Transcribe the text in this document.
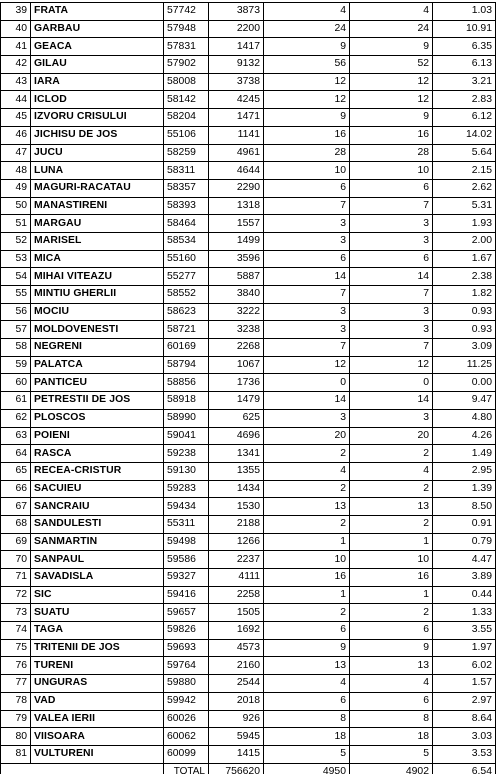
39	FRATA	57742	3873	4	4	1.03
40	GARBAU	57948	2200	24	24	10.91
41	GEACA	57831	1417	9	9	6.35
42	GILAU	57902	9132	56	52	6.13
43	IARA	58008	3738	12	12	3.21
44	ICLOD	58142	4245	12	12	2.83
45	IZVORU CRISULUI	58204	1471	9	9	6.12
46	JICHISU DE JOS	55106	1141	16	16	14.02
47	JUCU	58259	4961	28	28	5.64
48	LUNA	58311	4644	10	10	2.15
49	MAGURI-RACATAU	58357	2290	6	6	2.62
50	MANASTIRENI	58393	1318	7	7	5.31
51	MARGAU	58464	1557	3	3	1.93
52	MARISEL	58534	1499	3	3	2.00
53	MICA	55160	3596	6	6	1.67
54	MIHAI VITEAZU	55277	5887	14	14	2.38
55	MINTIU GHERLII	58552	3840	7	7	1.82
56	MOCIU	58623	3222	3	3	0.93
57	MOLDOVENESTI	58721	3238	3	3	0.93
58	NEGRENI	60169	2268	7	7	3.09
59	PALATCA	58794	1067	12	12	11.25
60	PANTICEU	58856	1736	0	0	0.00
61	PETRESTII DE JOS	58918	1479	14	14	9.47
62	PLOSCOS	58990	625	3	3	4.80
63	POIENI	59041	4696	20	20	4.26
64	RASCA	59238	1341	2	2	1.49
65	RECEA-CRISTUR	59130	1355	4	4	2.95
66	SACUIEU	59283	1434	2	2	1.39
67	SANCRAIU	59434	1530	13	13	8.50
68	SANDULESTI	55311	2188	2	2	0.91
69	SANMARTIN	59498	1266	1	1	0.79
70	SANPAUL	59586	2237	10	10	4.47
71	SAVADISLA	59327	4111	16	16	3.89
72	SIC	59416	2258	1	1	0.44
73	SUATU	59657	1505	2	2	1.33
74	TAGA	59826	1692	6	6	3.55
75	TRITENII DE JOS	59693	4573	9	9	1.97
76	TURENI	59764	2160	13	13	6.02
77	UNGURAS	59880	2544	4	4	1.57
78	VAD	59942	2018	6	6	2.97
79	VALEA IERII	60026	926	8	8	8.64
80	VIISOARA	60062	5945	18	18	3.03
81	VULTURENI	60099	1415	5	5	3.53
		TOTAL	756620	4950	4902	6.54
